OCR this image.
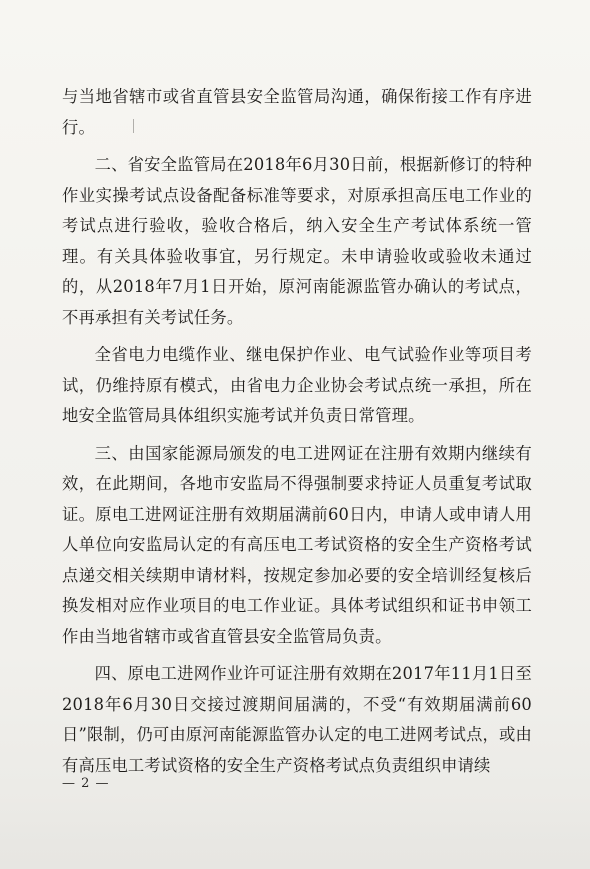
与当地省辖市或省直管县安全监管局沟通，确保衔接工作有序进行。

二、省安全监管局在2018年6月30日前，根据新修订的特种作业实操考试点设备配备标准等要求，对原承担高压电工作业的考试点进行验收，验收合格后，纳入安全生产考试体系统一管理。有关具体验收事宜，另行规定。未申请验收或验收未通过的，从2018年7月1日开始，原河南能源监管办确认的考试点，不再承担有关考试任务。

全省电力电缆作业、继电保护作业、电气试验作业等项目考试，仍维持原有模式，由省电力企业协会考试点统一承担，所在地安全监管局具体组织实施考试并负责日常管理。

三、由国家能源局颁发的电工进网证在注册有效期内继续有效，在此期间，各地市安监局不得强制要求持证人员重复考试取证。原电工进网证注册有效期届满前60日内，申请人或申请人用人单位向安监局认定的有高压电工考试资格的安全生产资格考试点递交相关续期申请材料，按规定参加必要的安全培训经复核后换发相对应作业项目的电工作业证。具体考试组织和证书申领工作由当地省辖市或省直管县安全监管局负责。

四、原电工进网作业许可证注册有效期在2017年11月1日至2018年6月30日交接过渡期间届满的，不受“有效期届满前60日”限制，仍可由原河南能源监管办认定的电工进网考试点，或由有高压电工考试资格的安全生产资格考试点负责组织申请续

— 2 —
